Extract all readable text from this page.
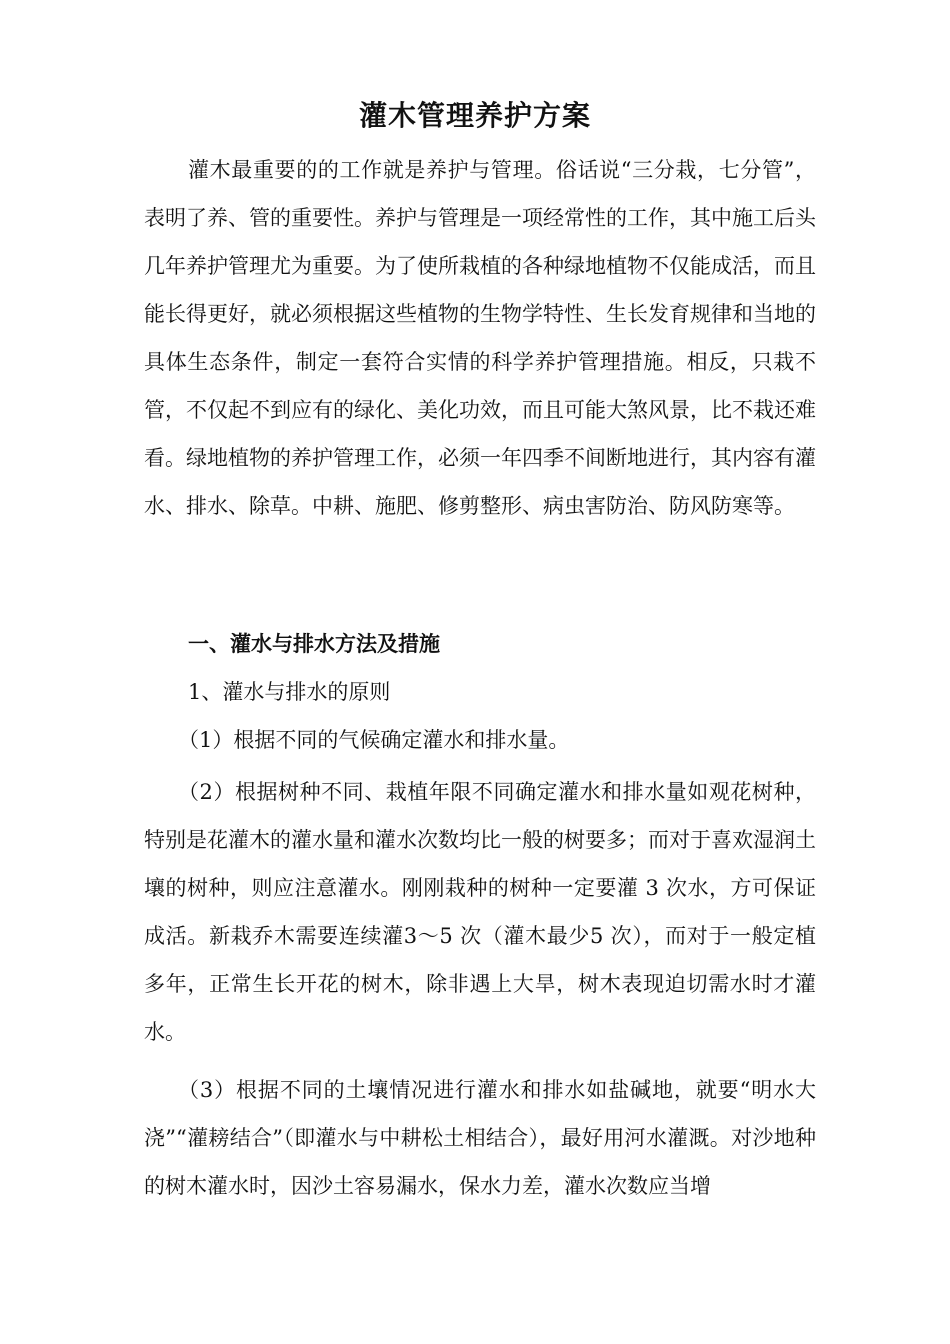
灌木管理养护方案

灌木最重要的的工作就是养护与管理。俗话说“三分栽，七分管”，表明了养、管的重要性。养护与管理是一项经常性的工作，其中施工后头几年养护管理尤为重要。为了使所栽植的各种绿地植物不仅能成活，而且能长得更好，就必须根据这些植物的生物学特性、生长发育规律和当地的具体生态条件，制定一套符合实情的科学养护管理措施。相反，只栽不管，不仅起不到应有的绿化、美化功效，而且可能大煞风景，比不栽还难看。绿地植物的养护管理工作，必须一年四季不间断地进行，其内容有灌水、排水、除草。中耕、施肥、修剪整形、病虫害防治、防风防寒等。

一、灌水与排水方法及措施

1、灌水与排水的原则

（1）根据不同的气候确定灌水和排水量。

（2）根据树种不同、栽植年限不同确定灌水和排水量如观花树种，特别是花灌木的灌水量和灌水次数均比一般的树要多；而对于喜欢湿润土壤的树种，则应注意灌水。刚刚栽种的树种一定要灌 3 次水，方可保证成活。新栽乔木需要连续灌3～5 次（灌木最少5 次），而对于一般定植多年，正常生长开花的树木，除非遇上大旱，树木表现迫切需水时才灌水。

（3）根据不同的土壤情况进行灌水和排水如盐碱地，就要“明水大浇”“灌耪结合”（即灌水与中耕松土相结合），最好用河水灌溉。对沙地种的树木灌水时，因沙土容易漏水，保水力差，灌水次数应当增
